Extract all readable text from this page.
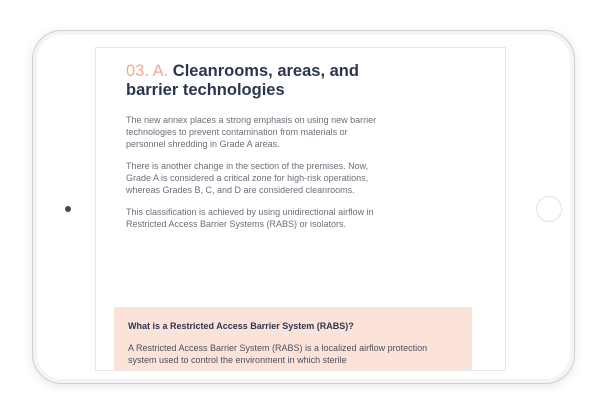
03. A. Cleanrooms, areas, and barrier technologies

The new annex places a strong emphasis on using new barrier technologies to prevent contamination from materials or personnel shredding in Grade A areas.

There is another change in the section of the premises. Now, Grade A is considered a critical zone for high-risk operations, whereas Grades B, C, and D are considered cleanrooms.

This classification is achieved by using unidirectional airflow in Restricted Access Barrier Systems (RABS) or isolators.

What is a Restricted Access Barrier System (RABS)?

A Restricted Access Barrier System (RABS) is a localized airflow protection system used to control the environment in which sterile
